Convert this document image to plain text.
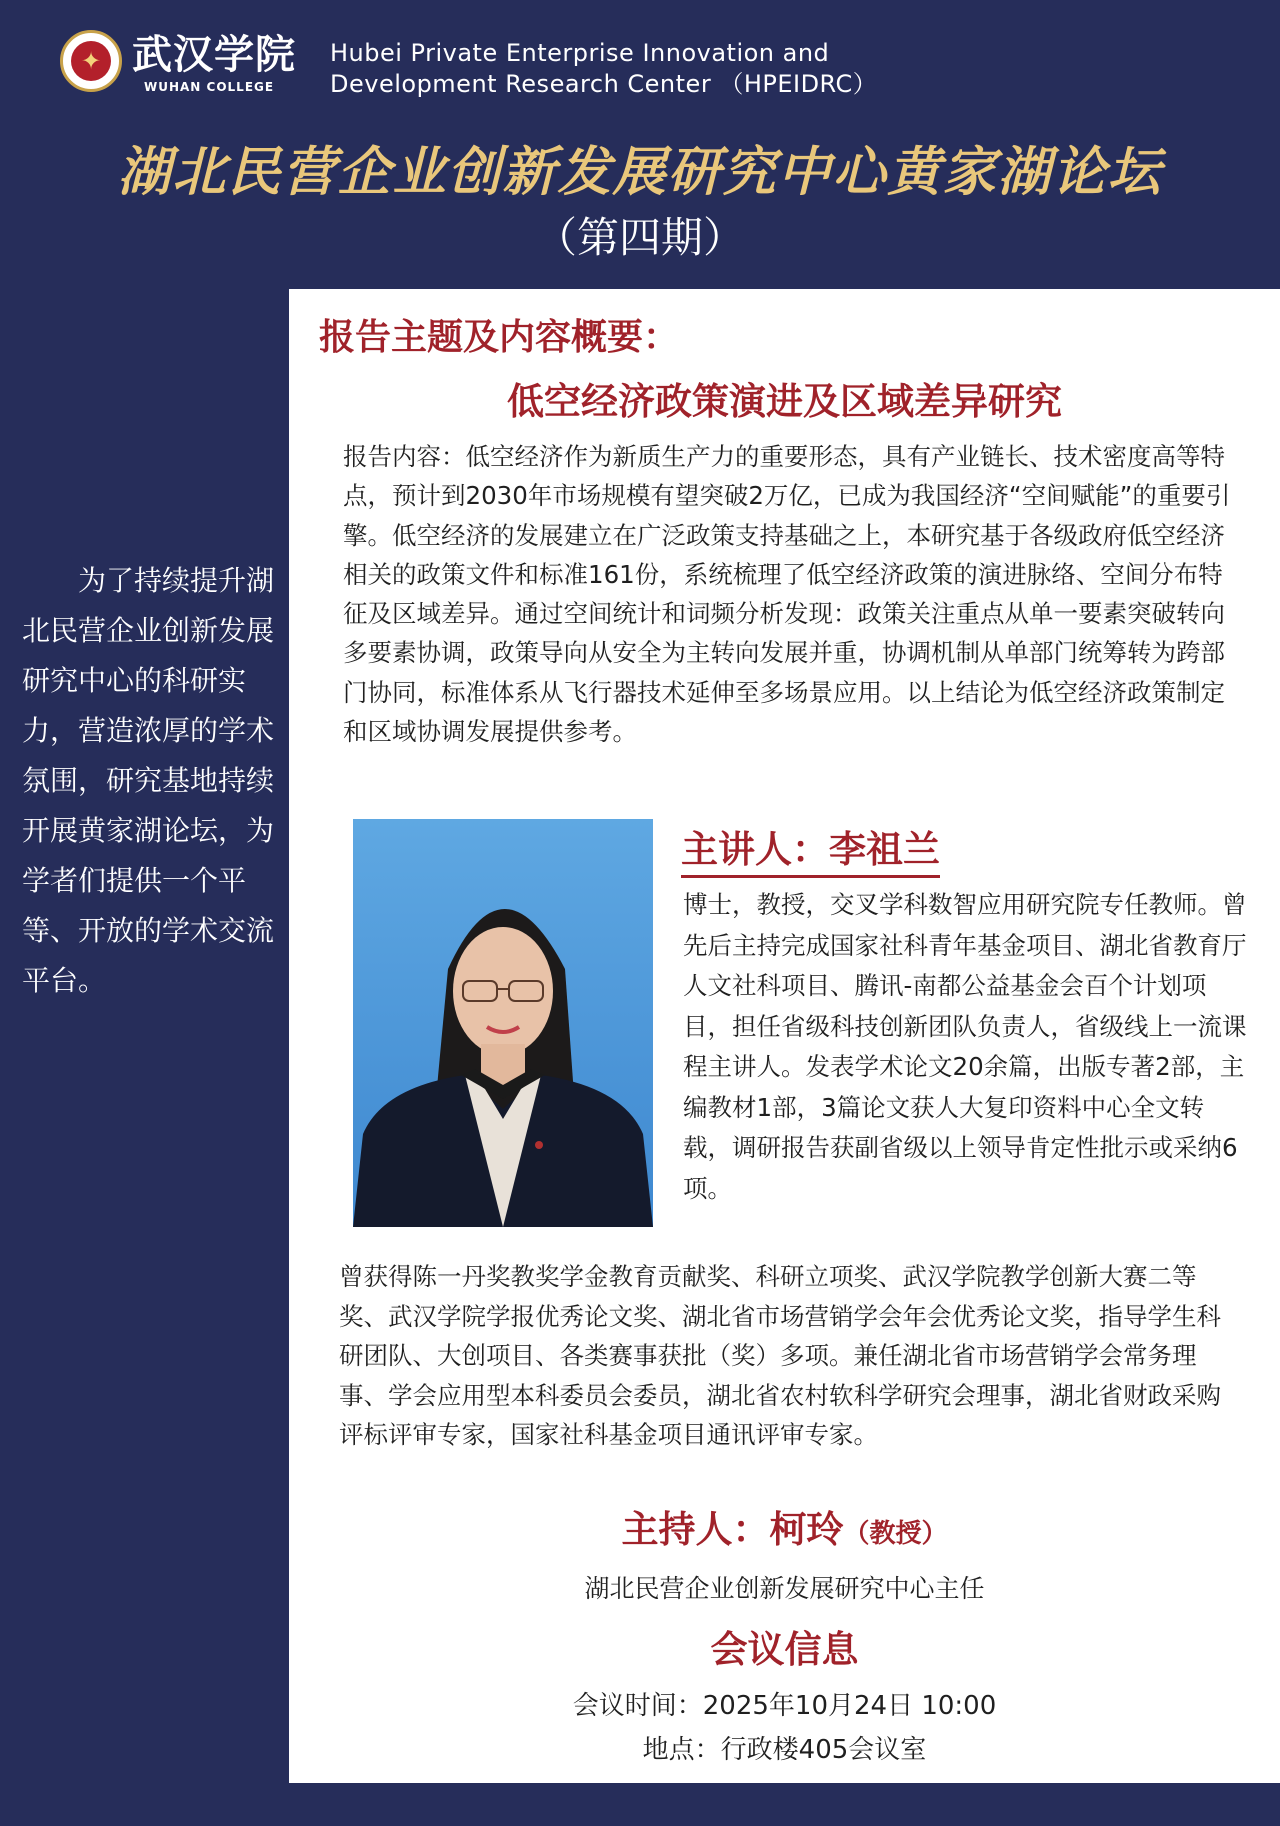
✦ 武汉学院
WUHAN COLLEGE
Hubei Private Enterprise Innovation and
Development Research Center （HPEIDRC）
湖北民营企业创新发展研究中心黄家湖论坛
（第四期）

为了持续提升湖北民营企业创新发展研究中心的科研实力，营造浓厚的学术氛围，研究基地持续开展黄家湖论坛，为学者们提供一个平等、开放的学术交流平台。

报告主题及内容概要：

低空经济政策演进及区域差异研究

报告内容：低空经济作为新质生产力的重要形态，具有产业链长、技术密度高等特点，预计到2030年市场规模有望突破2万亿，已成为我国经济“空间赋能”的重要引擎。低空经济的发展建立在广泛政策支持基础之上，本研究基于各级政府低空经济相关的政策文件和标准161份，系统梳理了低空经济政策的演进脉络、空间分布特征及区域差异。通过空间统计和词频分析发现：政策关注重点从单一要素突破转向多要素协调，政策导向从安全为主转向发展并重，协调机制从单部门统筹转为跨部门协同，标准体系从飞行器技术延伸至多场景应用。以上结论为低空经济政策制定和区域协调发展提供参考。

主讲人：李祖兰

博士，教授，交叉学科数智应用研究院专任教师。曾先后主持完成国家社科青年基金项目、湖北省教育厅人文社科项目、腾讯-南都公益基金会百个计划项目，担任省级科技创新团队负责人，省级线上一流课程主讲人。发表学术论文20余篇，出版专著2部，主编教材1部，3篇论文获人大复印资料中心全文转载，调研报告获副省级以上领导肯定性批示或采纳6项。

曾获得陈一丹奖教奖学金教育贡献奖、科研立项奖、武汉学院教学创新大赛二等奖、武汉学院学报优秀论文奖、湖北省市场营销学会年会优秀论文奖，指导学生科研团队、大创项目、各类赛事获批（奖）多项。兼任湖北省市场营销学会常务理事、学会应用型本科委员会委员，湖北省农村软科学研究会理事，湖北省财政采购评标评审专家，国家社科基金项目通讯评审专家。

主持人：柯玲（教授）

湖北民营企业创新发展研究中心主任

会议信息

会议时间：2025年10月24日 10:00

地点：行政楼405会议室
